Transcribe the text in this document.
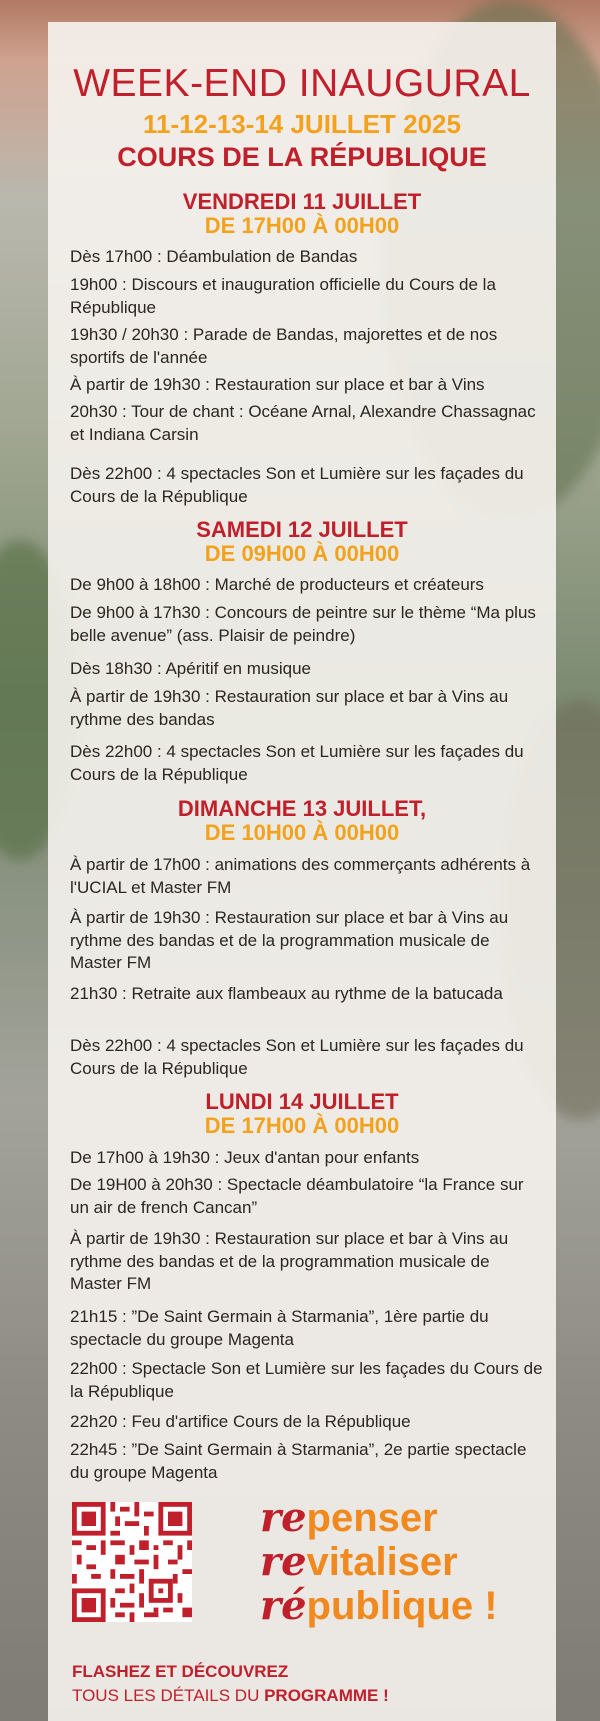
WEEK-END INAUGURAL
11-12-13-14 JUILLET 2025
COURS DE LA RÉPUBLIQUE
VENDREDI 11 JUILLET
DE 17H00 À 00H00
Dès 17h00 : Déambulation de Bandas
19h00 : Discours et inauguration officielle du Cours de la République
19h30 / 20h30 : Parade de Bandas, majorettes et de nos sportifs de l'année
À partir de 19h30 : Restauration sur place et bar à Vins
20h30 : Tour de chant : Océane Arnal, Alexandre Chassagnac et Indiana Carsin
Dès 22h00 : 4 spectacles Son et Lumière sur les façades du Cours de la République
SAMEDI 12 JUILLET
DE 09H00 À 00H00
De 9h00 à 18h00 : Marché de producteurs et créateurs
De 9h00 à 17h30 : Concours de peintre sur le thème “Ma plus belle avenue” (ass. Plaisir de peindre)
Dès 18h30 : Apéritif en musique
À partir de 19h30 : Restauration sur place et bar à Vins au rythme des bandas
Dès 22h00 : 4 spectacles Son et Lumière sur les façades du Cours de la République
DIMANCHE 13 JUILLET,
DE 10H00 À 00H00
À partir de 17h00 : animations des commerçants adhérents à l'UCIAL et Master FM
À partir de 19h30 : Restauration sur place et bar à Vins au rythme des bandas et de la programmation musicale de Master FM
21h30 : Retraite aux flambeaux au rythme de la batucada
Dès 22h00 : 4 spectacles Son et Lumière sur les façades du Cours de la République
LUNDI 14 JUILLET
DE 17H00 À 00H00
De 17h00 à 19h30 : Jeux d'antan pour enfants
De 19H00 à 20h30 : Spectacle déambulatoire “la France sur un air de french Cancan”
À partir de 19h30 : Restauration sur place et bar à Vins au rythme des bandas et de la programmation musicale de Master FM
21h15 : ”De Saint Germain à Starmania”, 1ère partie du spectacle du groupe Magenta
22h00 : Spectacle Son et Lumière sur les façades du Cours de la République
22h20 : Feu d'artifice Cours de la République
22h45 : ”De Saint Germain à Starmania”, 2e partie spectacle du groupe Magenta
repenser
revitaliser
république !
FLASHEZ ET DÉCOUVREZ
TOUS LES DÉTAILS DU PROGRAMME !
